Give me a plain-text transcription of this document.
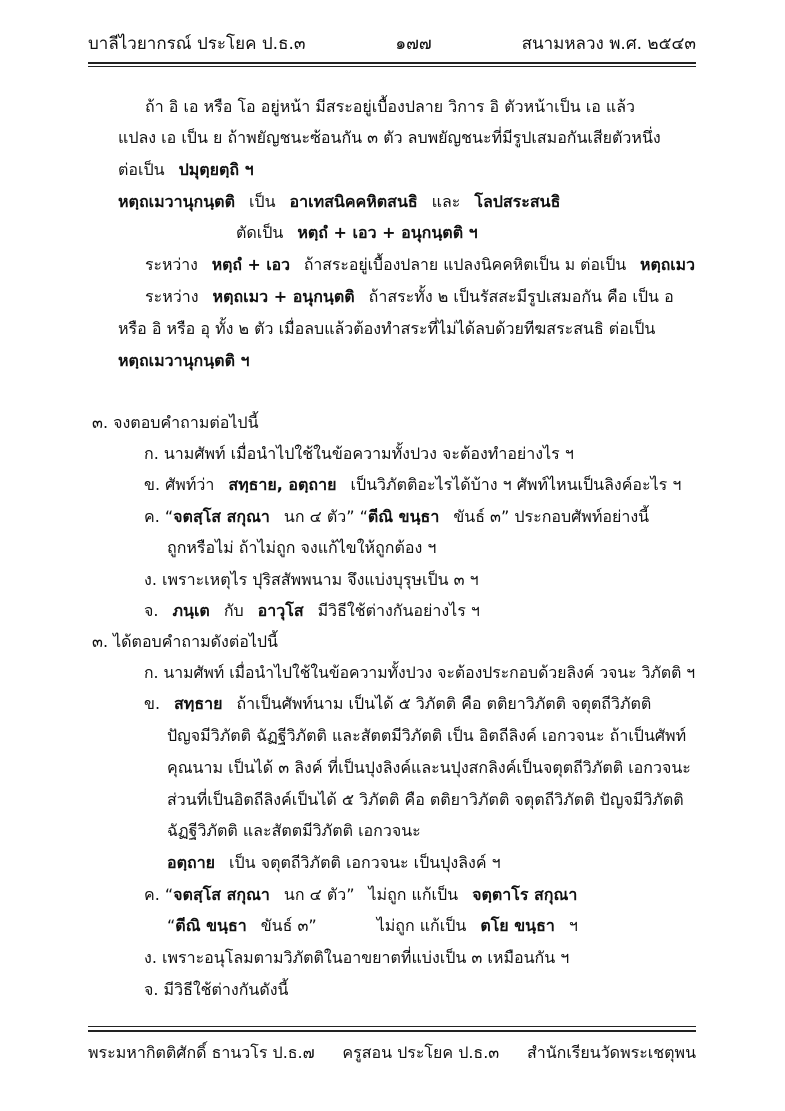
บาลีไวยากรณ์ ประโยค ป.ธ.๓	๑๗๗	สนามหลวง พ.ศ. ๒๕๔๓
ถ้า อิ เอ หรือ โอ อยู่หน้า มีสระอยู่เบื้องปลาย วิการ อิ ตัวหน้าเป็น เอ แล้ว
แปลง เอ เป็น ย ถ้าพยัญชนะซ้อนกัน ๓ ตัว ลบพยัญชนะที่มีรูปเสมอกันเสียตัวหนึ่ง
ต่อเป็น ปมุตฺยตฺถิ ฯ
หตฺถเมวานุกนฺตติ เป็น อาเทสนิคคหิตสนธิ และ โลปสระสนธิ
ตัดเป็น หตฺถํ + เอว + อนุกนฺตติ ฯ
ระหว่าง หตฺถํ + เอว ถ้าสระอยู่เบื้องปลาย แปลงนิคคหิตเป็น ม ต่อเป็น หตฺถเมว
ระหว่าง หตฺถเมว + อนุกนฺตติ ถ้าสระทั้ง ๒ เป็นรัสสะมีรูปเสมอกัน คือ เป็น อ
หรือ อิ หรือ อุ ทั้ง ๒ ตัว เมื่อลบแล้วต้องทำสระที่ไม่ได้ลบด้วยทีฆสระสนธิ ต่อเป็น
หตฺถเมวานุกนฺตติ ฯ
๓. จงตอบคำถามต่อไปนี้
ก. นามศัพท์ เมื่อนำไปใช้ในข้อความทั้งปวง จะต้องทำอย่างไร ฯ
ข. ศัพท์ว่า สทฺธาย, อตฺถาย เป็นวิภัตติอะไรได้บ้าง ฯ ศัพท์ไหนเป็นลิงค์อะไร ฯ
ค. “จตสฺโส สกุณา นก ๔ ตัว” “ตีณิ ขนฺธา ขันธ์ ๓” ประกอบศัพท์อย่างนี้
ถูกหรือไม่ ถ้าไม่ถูก จงแก้ไขให้ถูกต้อง ฯ
ง. เพราะเหตุไร ปุริสสัพพนาม จึงแบ่งบุรุษเป็น ๓ ฯ
จ. ภนฺเต กับ อาวุโส มีวิธีใช้ต่างกันอย่างไร ฯ
๓. ได้ตอบคำถามดังต่อไปนี้
ก. นามศัพท์ เมื่อนำไปใช้ในข้อความทั้งปวง จะต้องประกอบด้วยลิงค์ วจนะ วิภัตติ ฯ
ข. สทฺธาย ถ้าเป็นศัพท์นาม เป็นได้ ๕ วิภัตติ คือ ตติยาวิภัตติ จตุตถีวิภัตติ
ปัญจมีวิภัตติ ฉัฏฐีวิภัตติ และสัตตมีวิภัตติ เป็น อิตถีลิงค์ เอกวจนะ ถ้าเป็นศัพท์
คุณนาม เป็นได้ ๓ ลิงค์ ที่เป็นปุงลิงค์และนปุงสกลิงค์เป็นจตุตถีวิภัตติ เอกวจนะ
ส่วนที่เป็นอิตถีลิงค์เป็นได้ ๕ วิภัตติ คือ ตติยาวิภัตติ จตุตถีวิภัตติ ปัญจมีวิภัตติ
ฉัฏฐีวิภัตติ และสัตตมีวิภัตติ เอกวจนะ
อตฺถาย เป็น จตุตถีวิภัตติ เอกวจนะ เป็นปุงลิงค์ ฯ
ค. “จตสฺโส สกุณา นก ๔ ตัว” ไม่ถูก แก้เป็น จตฺตาโร สกุณา
“ตีณิ ขนฺธา ขันธ์ ๓”	ไม่ถูก แก้เป็น ตโย ขนฺธา ฯ
ง. เพราะอนุโลมตามวิภัตติในอาขยาตที่แบ่งเป็น ๓ เหมือนกัน ฯ
จ. มีวิธีใช้ต่างกันดังนี้
พระมหากิตติศักดิ์ ธานวโร ป.ธ.๗ ครูสอน ประโยค ป.ธ.๓ สำนักเรียนวัดพระเชตุพน
